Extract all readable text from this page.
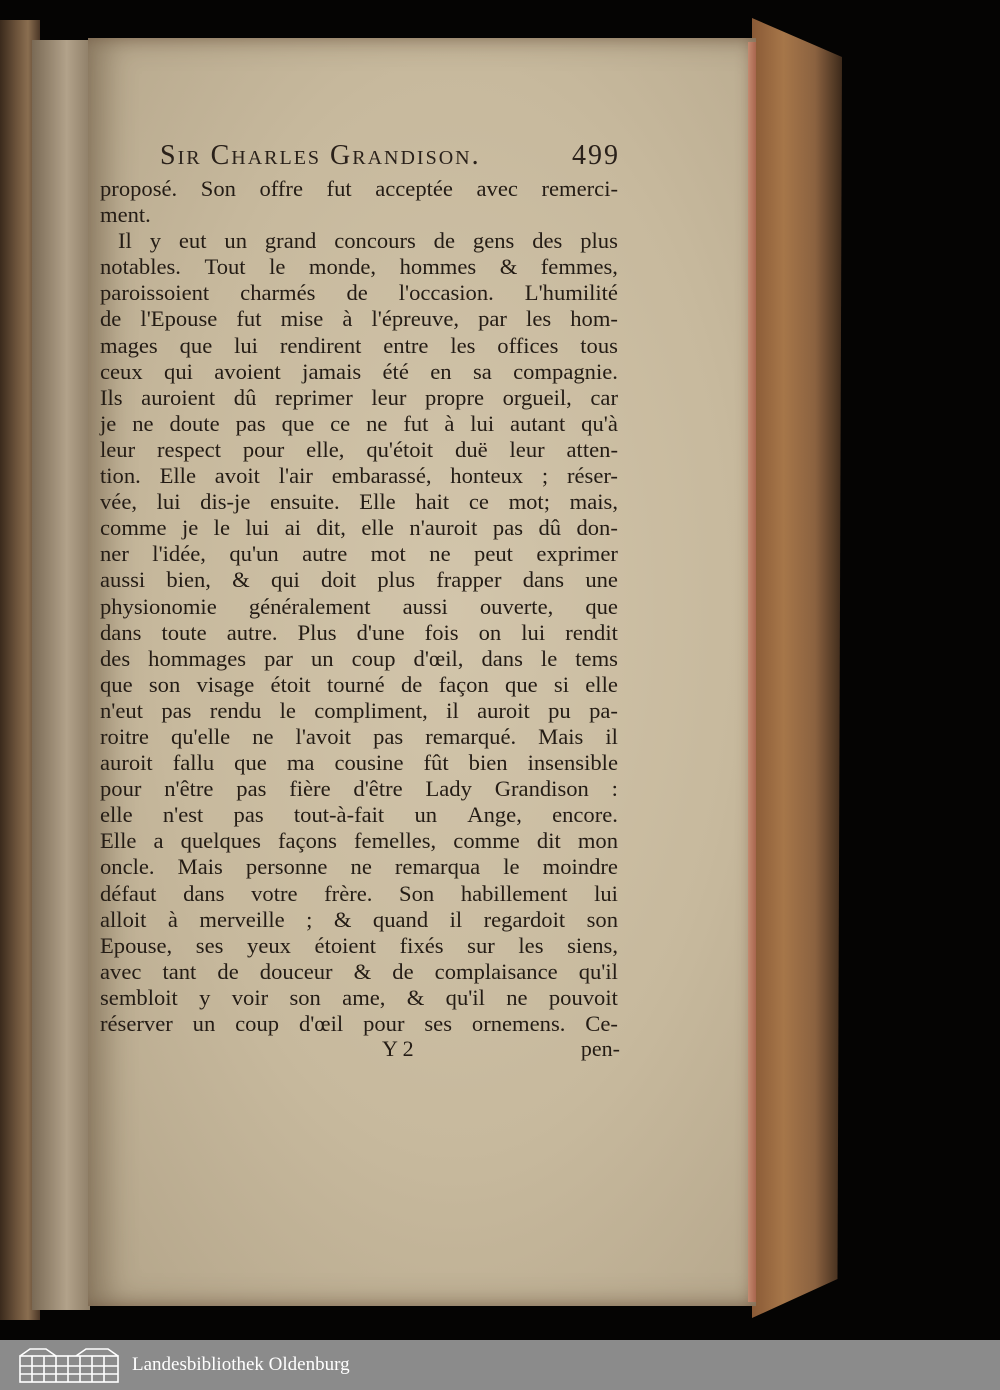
Sir Charles Grandison.	499
proposé. Son offre fut acceptée avec remerci-
ment.
Il y eut un grand concours de gens des plus
notables. Tout le monde, hommes & femmes,
paroissoient charmés de l'occasion. L'humilité
de l'Epouse fut mise à l'épreuve, par les hom-
mages que lui rendirent entre les offices tous
ceux qui avoient jamais été en sa compagnie.
Ils auroient dû reprimer leur propre orgueil, car
je ne doute pas que ce ne fut à lui autant qu'à
leur respect pour elle, qu'étoit duë leur atten-
tion. Elle avoit l'air embarassé, honteux ; réser-
vée, lui dis-je ensuite. Elle hait ce mot; mais,
comme je le lui ai dit, elle n'auroit pas dû don-
ner l'idée, qu'un autre mot ne peut exprimer
aussi bien, & qui doit plus frapper dans une
physionomie généralement aussi ouverte, que
dans toute autre. Plus d'une fois on lui rendit
des hommages par un coup d'œil, dans le tems
que son visage étoit tourné de façon que si elle
n'eut pas rendu le compliment, il auroit pu pa-
roitre qu'elle ne l'avoit pas remarqué. Mais il
auroit fallu que ma cousine fût bien insensible
pour n'être pas fière d'être Lady Grandison :
elle n'est pas tout-à-fait un Ange, encore.
Elle a quelques façons femelles, comme dit mon
oncle. Mais personne ne remarqua le moindre
défaut dans votre frère. Son habillement lui
alloit à merveille ; & quand il regardoit son
Epouse, ses yeux étoient fixés sur les siens,
avec tant de douceur & de complaisance qu'il
sembloit y voir son ame, & qu'il ne pouvoit
réserver un coup d'œil pour ses ornemens. Ce-
Y 2	pen-
Landesbibliothek Oldenburg
